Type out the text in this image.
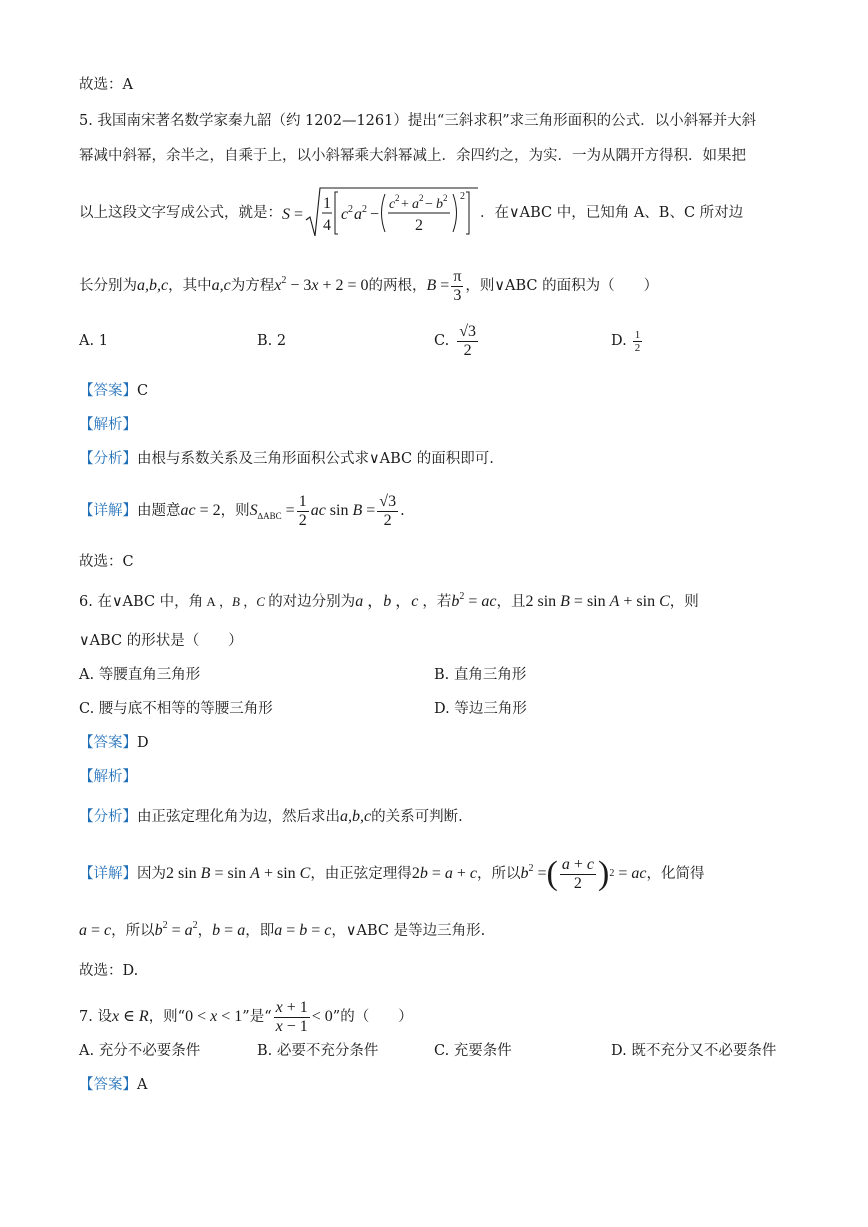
故选：A
5. 我国南宋著名数学家秦九韶（约 1202—1261）提出“三斜求积”求三角形面积的公式．以小斜幂并大斜
幂减中斜幂，余半之，自乘于上，以小斜幂乘大斜幂减上．余四约之，为实．一为从隅开方得积．如果把
以上这段文字写成公式，就是： S =
1
4
c 2 a 2 −
c 2 + a 2 − b 2
2
2
．在∨ABC 中，已知角 A、B、C 所对边
长分别为 a,b,c ，其中 a,c 为方程 $x^2 - 3x + 2 = 0$ 的两根， $B = \frac{\pi}{3}$ ，则∨ABC 的面积为（　　）
A. 1	B. 2	C. $\frac{√3}{2}$	D. $\frac{1}{2}$
【答案】C
【解析】
【分析】由根与系数关系及三角形面积公式求∨ABC 的面积即可.
【详解】 由题意 ac = 2 ，则 $S_{\Delta ABC} = \frac{1}{2}$ ac $\sin B = \frac{√3}{2}$ .
故选：C
6. 在∨ABC 中，角 A ，B ，C 的对边分别为 a ，b ，c ，若 $b^2$ = ac ，且 2 sin B = sin A + sin C ，则
∨ABC 的形状是（　　）
A. 等腰直角三角形	B. 直角三角形
C. 腰与底不相等的等腰三角形	D. 等边三角形
【答案】D
【解析】
【分析】 由正弦定理化角为边，然后求出 a,b,c 的关系可判断.
【详解】 因为 2 sin B = sin A + sin C ，由正弦定理得 2b = a + c ，所以 $b^2$ = ( $\frac{a + c}{2}$ ) 2 = ac ，化简得
a = c ，所以 $b^2 = a^2$ ， b = a ，即 a = b = c ，∨ABC 是等边三角形.
故选：D.
7. 设 x ∈ R ，则“ 0 < x < 1 ”是“ $\frac{x + 1}{x - 1} < 0$ ”的（　　）
A. 充分不必要条件	B. 必要不充分条件	C. 充要条件	D. 既不充分又不必要条件
【答案】A
